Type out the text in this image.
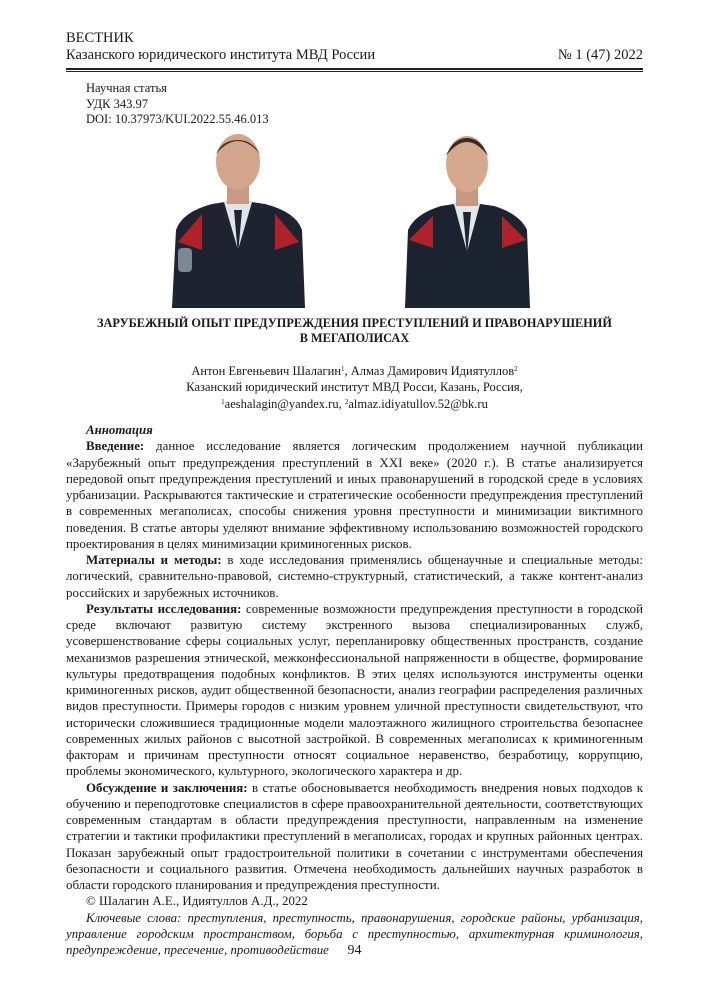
ВЕСТНИК
Казанского юридического института МВД России	№ 1 (47) 2022
Научная статья
УДК 343.97
DOI: 10.37973/KUI.2022.55.46.013
ЗАРУБЕЖНЫЙ ОПЫТ ПРЕДУПРЕЖДЕНИЯ ПРЕСТУПЛЕНИЙ И ПРАВОНАРУШЕНИЙ
В МЕГАПОЛИСАХ
Антон Евгеньевич Шалагин$^1$, Алмаз Дамирович Идиятуллов$^2$
Казанский юридический институт МВД Росси, Казань, Россия,
$^1$aeshalagin@yandex.ru, $^2$almaz.idiyatullov.52@bk.ru

Аннотация

Введение: данное исследование является логическим продолжением научной публикации «Зарубежный опыт предупреждения преступлений в XXI веке» (2020 г.). В статье анализируется передовой опыт предупреждения преступлений и иных правонарушений в городской среде в условиях урбанизации. Раскрываются тактические и стратегические особенности предупреждения преступлений в современных мегаполисах, способы снижения уровня преступности и минимизации виктимного поведения. В статье авторы уделяют внимание эффективному использованию возможностей городского проектирования в целях минимизации криминогенных рисков.

Материалы и методы: в ходе исследования применялись общенаучные и специальные методы: логический, сравнительно-правовой, системно-структурный, статистический, а также контент-анализ российских и зарубежных источников.

Результаты исследования: современные возможности предупреждения преступности в городской среде включают развитую систему экстренного вызова специализированных служб, усовершенствование сферы социальных услуг, перепланировку общественных пространств, создание механизмов разрешения этнической, межконфессиональной напряженности в обществе, формирование культуры предотвращения подобных конфликтов. В этих целях используются инструменты оценки криминогенных рисков, аудит общественной безопасности, анализ географии распределения различных видов преступности. Примеры городов с низким уровнем уличной преступности свидетельствуют, что исторически сложившиеся традиционные модели малоэтажного жилищного строительства безопаснее современных жилых районов с высотной застройкой. В современных мегаполисах к криминогенным факторам и причинам преступности относят социальное неравенство, безработицу, коррупцию, проблемы экономического, культурного, экологического характера и др.

Обсуждение и заключения: в статье обосновывается необходимость внедрения новых подходов к обучению и переподготовке специалистов в сфере правоохранительной деятельности, соответствующих современным стандартам в области предупреждения преступности, направленным на изменение стратегии и тактики профилактики преступлений в мегаполисах, городах и крупных районных центрах. Показан зарубежный опыт градостроительной политики в сочетании с инструментами обеспечения безопасности и социального развития. Отмечена необходимость дальнейших научных разработок в области городского планирования и предупреждения преступности.

© Шалагин А.Е., Идиятуллов А.Д., 2022

Ключевые слова: преступления, преступность, правонарушения, городские районы, урбанизация, управление городским пространством, борьба с преступностью, архитектурная криминология, предупреждение, пресечение, противодействие	94
